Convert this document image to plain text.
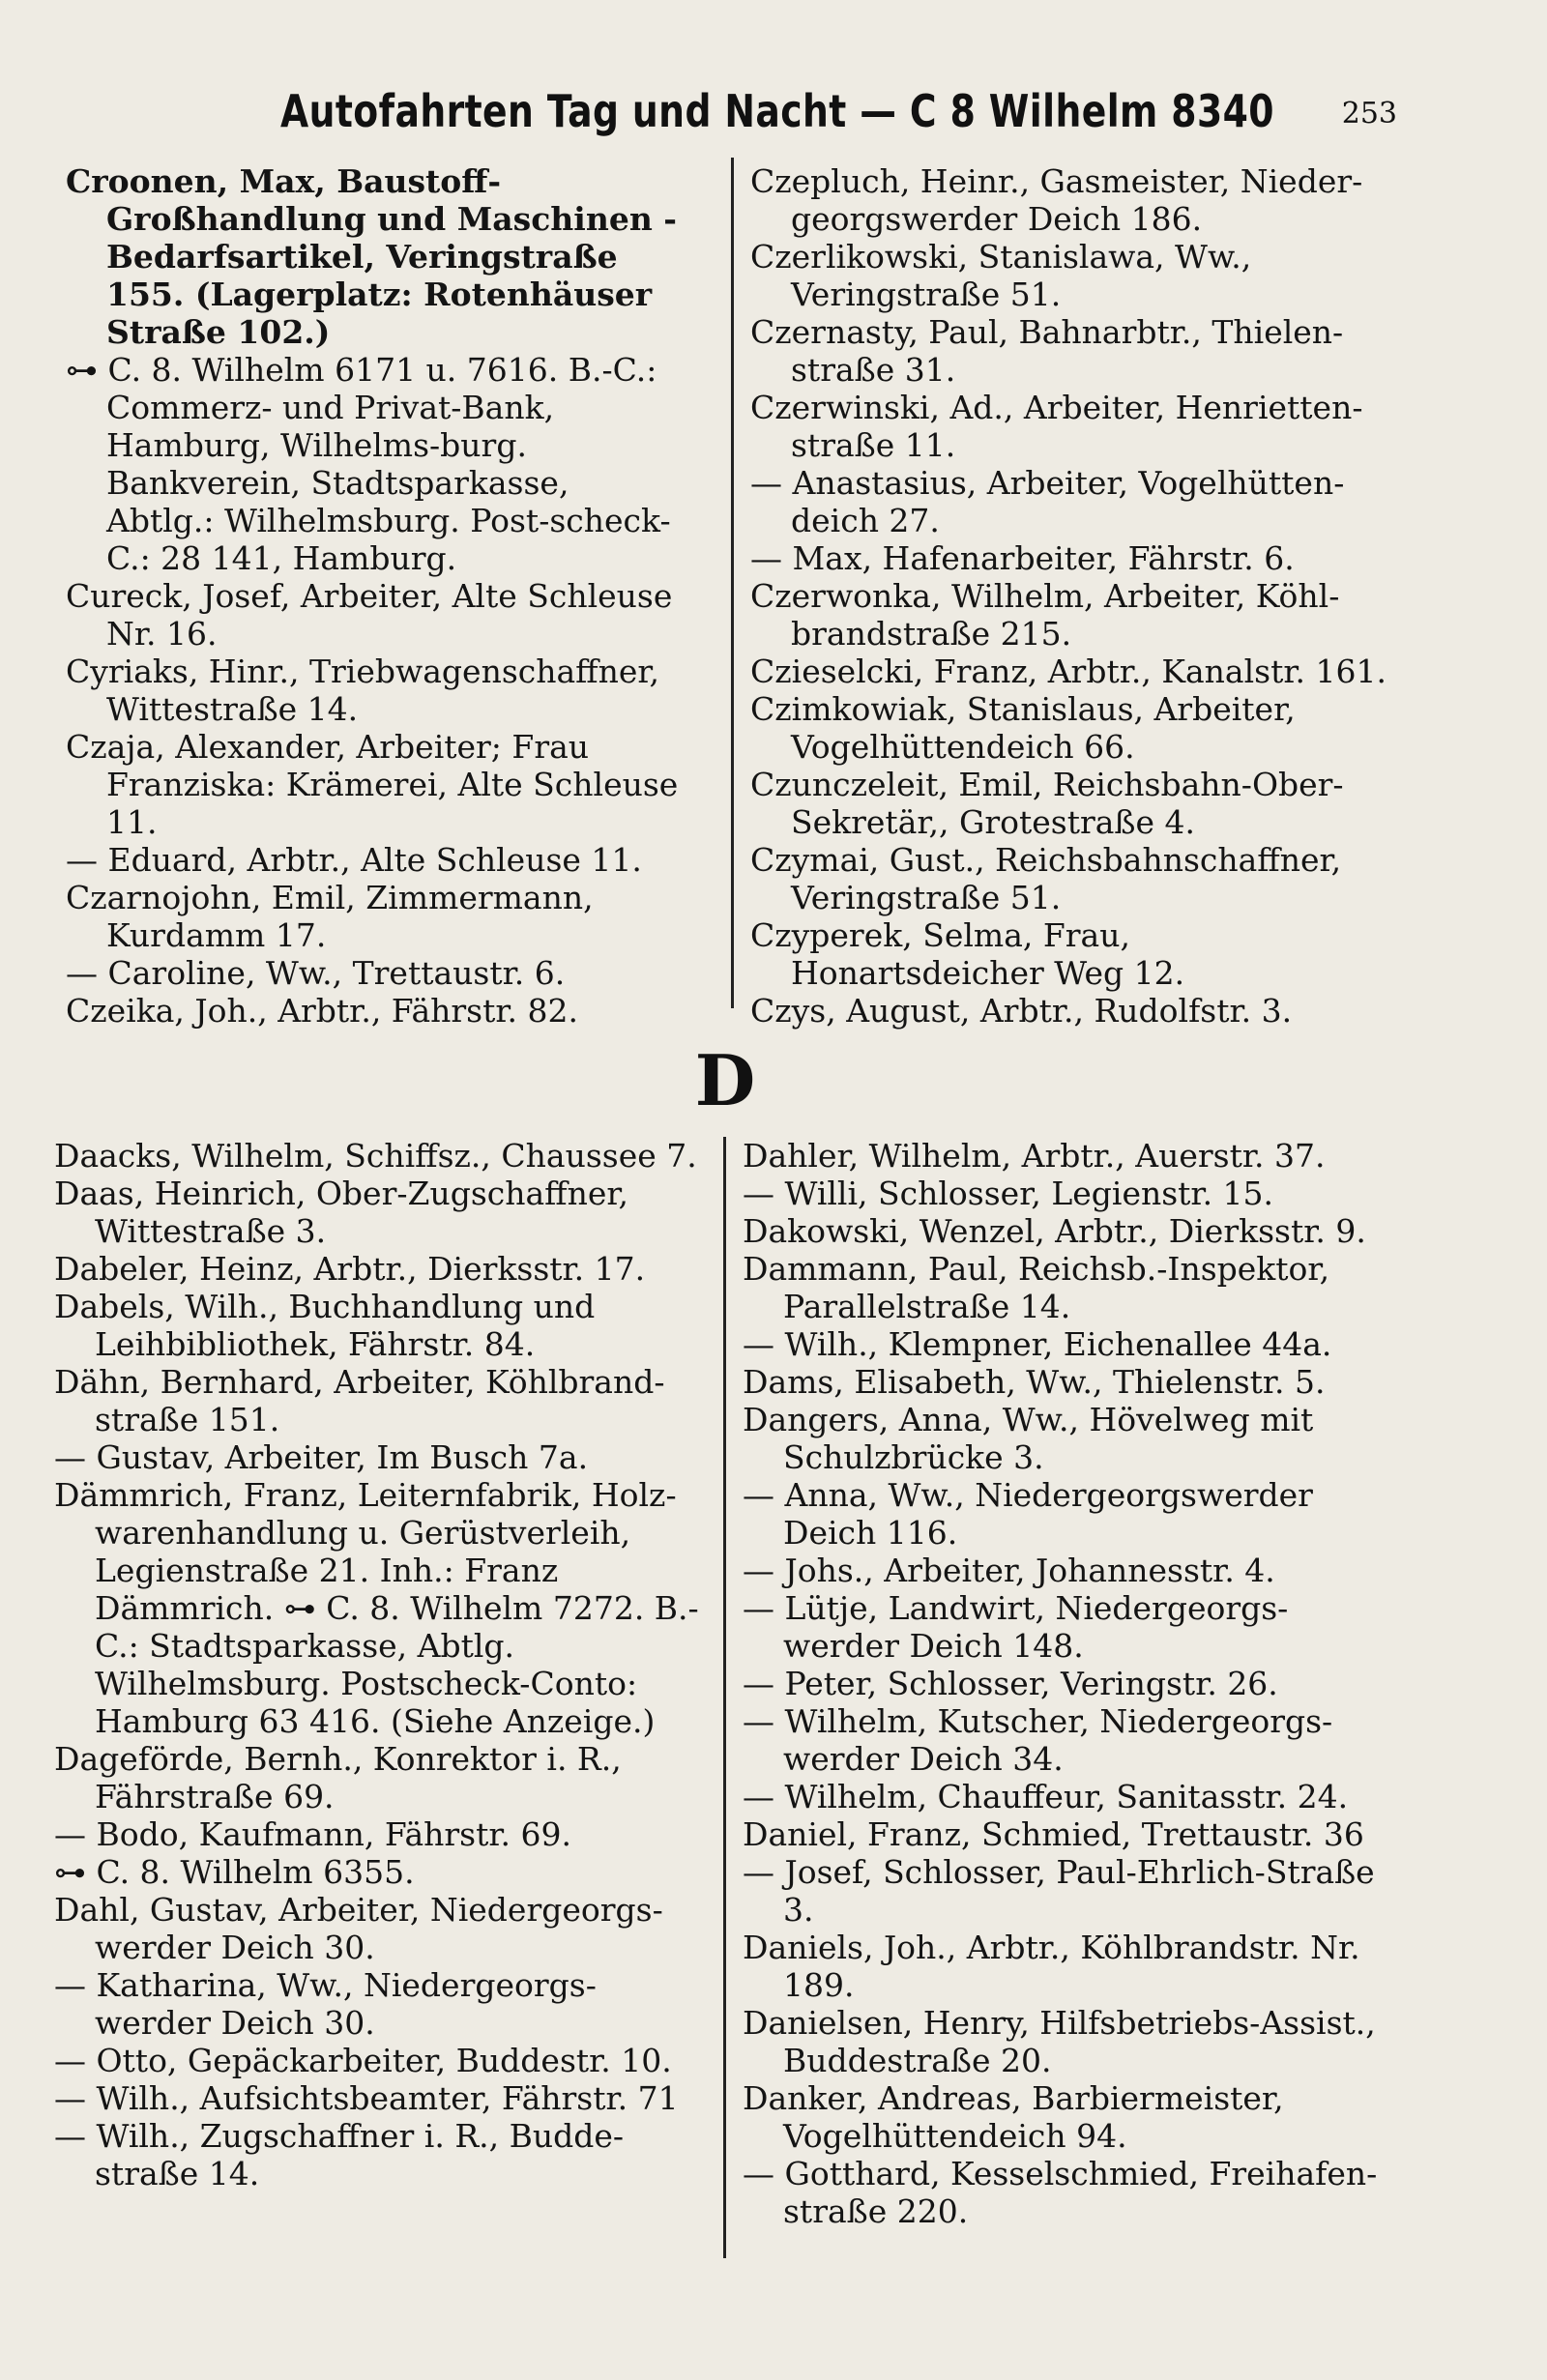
Autofahrten Tag und Nacht — C 8 Wilhelm 8340 253
Croonen, Max, Baustoff-Großhandlung und Maschinen - Bedarfsartikel, Veringstraße 155. (Lagerplatz: Rotenhäuser Straße 102.)
⊶ C. 8. Wilhelm 6171 u. 7616. B.-C.: Commerz- und Privat-Bank, Hamburg, Wilhelms-burg. Bankverein, Stadtsparkasse, Abtlg.: Wilhelmsburg. Post-scheck-C.: 28 141, Hamburg.
Cureck, Josef, Arbeiter, Alte Schleuse Nr. 16.
Cyriaks, Hinr., Triebwagenschaffner, Wittestraße 14.
Czaja, Alexander, Arbeiter; Frau Franziska: Krämerei, Alte Schleuse 11.
— Eduard, Arbtr., Alte Schleuse 11.
Czarnojohn, Emil, Zimmermann, Kurdamm 17.
— Caroline, Ww., Trettaustr. 6.
Czeika, Joh., Arbtr., Fährstr. 82.
Czepluch, Heinr., Gasmeister, Nieder-georgswerder Deich 186.
Czerlikowski, Stanislawa, Ww., Veringstraße 51.
Czernasty, Paul, Bahnarbtr., Thielen-straße 31.
Czerwinski, Ad., Arbeiter, Henrietten-straße 11.
— Anastasius, Arbeiter, Vogelhütten-deich 27.
— Max, Hafenarbeiter, Fährstr. 6.
Czerwonka, Wilhelm, Arbeiter, Köhl-brandstraße 215.
Czieselcki, Franz, Arbtr., Kanalstr. 161.
Czimkowiak, Stanislaus, Arbeiter, Vogelhüttendeich 66.
Czunczeleit, Emil, Reichsbahn-Ober-Sekretär,, Grotestraße 4.
Czymai, Gust., Reichsbahnschaffner, Veringstraße 51.
Czyperek, Selma, Frau, Honartsdeicher Weg 12.
Czys, August, Arbtr., Rudolfstr. 3.
D
Daacks, Wilhelm, Schiffsz., Chaussee 7.
Daas, Heinrich, Ober-Zugschaffner, Wittestraße 3.
Dabeler, Heinz, Arbtr., Dierksstr. 17.
Dabels, Wilh., Buchhandlung und Leihbibliothek, Fährstr. 84.
Dähn, Bernhard, Arbeiter, Köhlbrand-straße 151.
— Gustav, Arbeiter, Im Busch 7a.
Dämmrich, Franz, Leiternfabrik, Holz-warenhandlung u. Gerüstverleih, Legienstraße 21. Inh.: Franz Dämmrich. ⊶ C. 8. Wilhelm 7272. B.-C.: Stadtsparkasse, Abtlg. Wilhelmsburg. Postscheck-Conto: Hamburg 63 416. (Siehe Anzeige.)
Dageförde, Bernh., Konrektor i. R., Fährstraße 69.
— Bodo, Kaufmann, Fährstr. 69.
⊶ C. 8. Wilhelm 6355.
Dahl, Gustav, Arbeiter, Niedergeorgs-werder Deich 30.
— Katharina, Ww., Niedergeorgs-werder Deich 30.
— Otto, Gepäckarbeiter, Buddestr. 10.
— Wilh., Aufsichtsbeamter, Fährstr. 71
— Wilh., Zugschaffner i. R., Budde-straße 14.
Dahler, Wilhelm, Arbtr., Auerstr. 37.
— Willi, Schlosser, Legienstr. 15.
Dakowski, Wenzel, Arbtr., Dierksstr. 9.
Dammann, Paul, Reichsb.-Inspektor, Parallelstraße 14.
— Wilh., Klempner, Eichenallee 44a.
Dams, Elisabeth, Ww., Thielenstr. 5.
Dangers, Anna, Ww., Hövelweg mit Schulzbrücke 3.
— Anna, Ww., Niedergeorgswerder Deich 116.
— Johs., Arbeiter, Johannesstr. 4.
— Lütje, Landwirt, Niedergeorgs-werder Deich 148.
— Peter, Schlosser, Veringstr. 26.
— Wilhelm, Kutscher, Niedergeorgs-werder Deich 34.
— Wilhelm, Chauffeur, Sanitasstr. 24.
Daniel, Franz, Schmied, Trettaustr. 36
— Josef, Schlosser, Paul-Ehrlich-Straße 3.
Daniels, Joh., Arbtr., Köhlbrandstr. Nr. 189.
Danielsen, Henry, Hilfsbetriebs-Assist., Buddestraße 20.
Danker, Andreas, Barbiermeister, Vogelhüttendeich 94.
— Gotthard, Kesselschmied, Freihafen-straße 220.
